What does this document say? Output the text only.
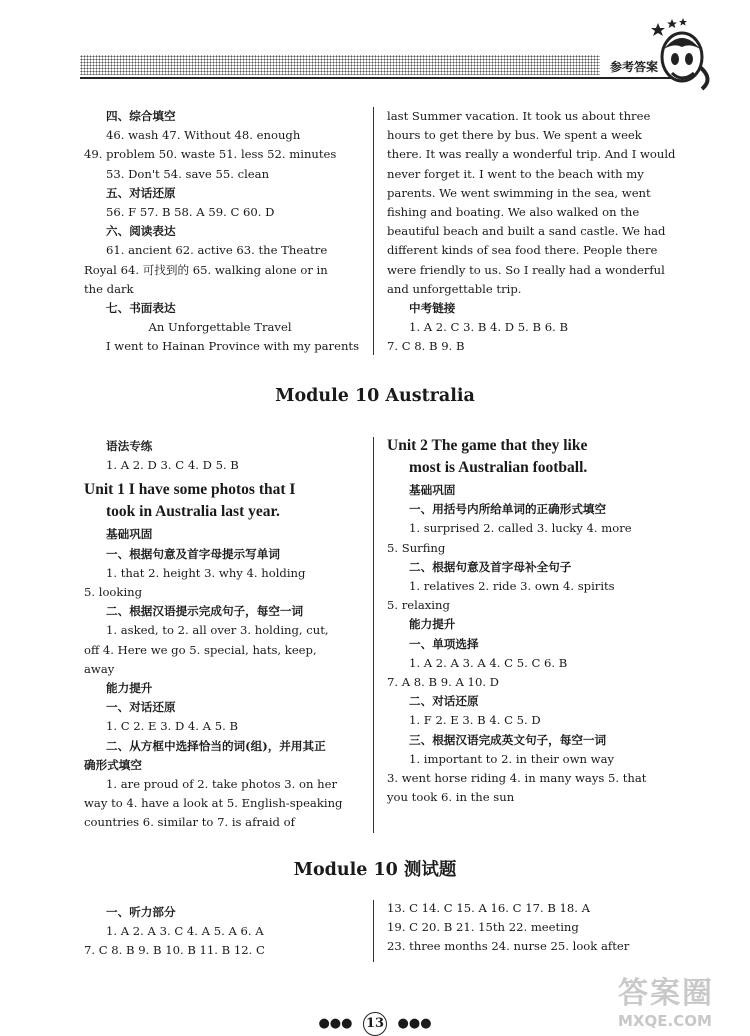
参考答案
四、综合填空
46. wash 47. Without 48. enough
49. problem 50. waste 51. less 52. minutes
53. Don't 54. save 55. clean
五、对话还原
56. F 57. B 58. A 59. C 60. D
六、阅读表达
61. ancient 62. active 63. the Theatre
Royal 64. 可找到的 65. walking alone or in
the dark
七、书面表达
An Unforgettable Travel
I went to Hainan Province with my parents
last Summer vacation. It took us about three
hours to get there by bus. We spent a week
there. It was really a wonderful trip. And I would
never forget it. I went to the beach with my
parents. We went swimming in the sea, went
fishing and boating. We also walked on the
beautiful beach and built a sand castle. We had
different kinds of sea food there. People there
were friendly to us. So I really had a wonderful
and unforgettable trip.
中考链接
1. A 2. C 3. B 4. D 5. B 6. B
7. C 8. B 9. B
Module 10 Australia
语法专练
1. A 2. D 3. C 4. D 5. B
Unit 1 I have some photos that I
took in Australia last year.
基础巩固
一、根据句意及首字母提示写单词
1. that 2. height 3. why 4. holding
5. looking
二、根据汉语提示完成句子，每空一词
1. asked, to 2. all over 3. holding, cut,
off 4. Here we go 5. special, hats, keep,
away
能力提升
一、对话还原
1. C 2. E 3. D 4. A 5. B
二、从方框中选择恰当的词(组)，并用其正
确形式填空
1. are proud of 2. take photos 3. on her
way to 4. have a look at 5. English-speaking
countries 6. similar to 7. is afraid of
Unit 2 The game that they like
most is Australian football.
基础巩固
一、用括号内所给单词的正确形式填空
1. surprised 2. called 3. lucky 4. more
5. Surfing
二、根据句意及首字母补全句子
1. relatives 2. ride 3. own 4. spirits
5. relaxing
能力提升
一、单项选择
1. A 2. A 3. A 4. C 5. C 6. B
7. A 8. B 9. A 10. D
二、对话还原
1. F 2. E 3. B 4. C 5. D
三、根据汉语完成英文句子，每空一词
1. important to 2. in their own way
3. went horse riding 4. in many ways 5. that
you took 6. in the sun
Module 10 测试题
一、听力部分
1. A 2. A 3. C 4. A 5. A 6. A
7. C 8. B 9. B 10. B 11. B 12. C
13. C 14. C 15. A 16. C 17. B 18. A
19. C 20. B 21. 15th 22. meeting
23. three months 24. nurse 25. look after
●●● 13 ●●●
答案圈
MXQE.COM
